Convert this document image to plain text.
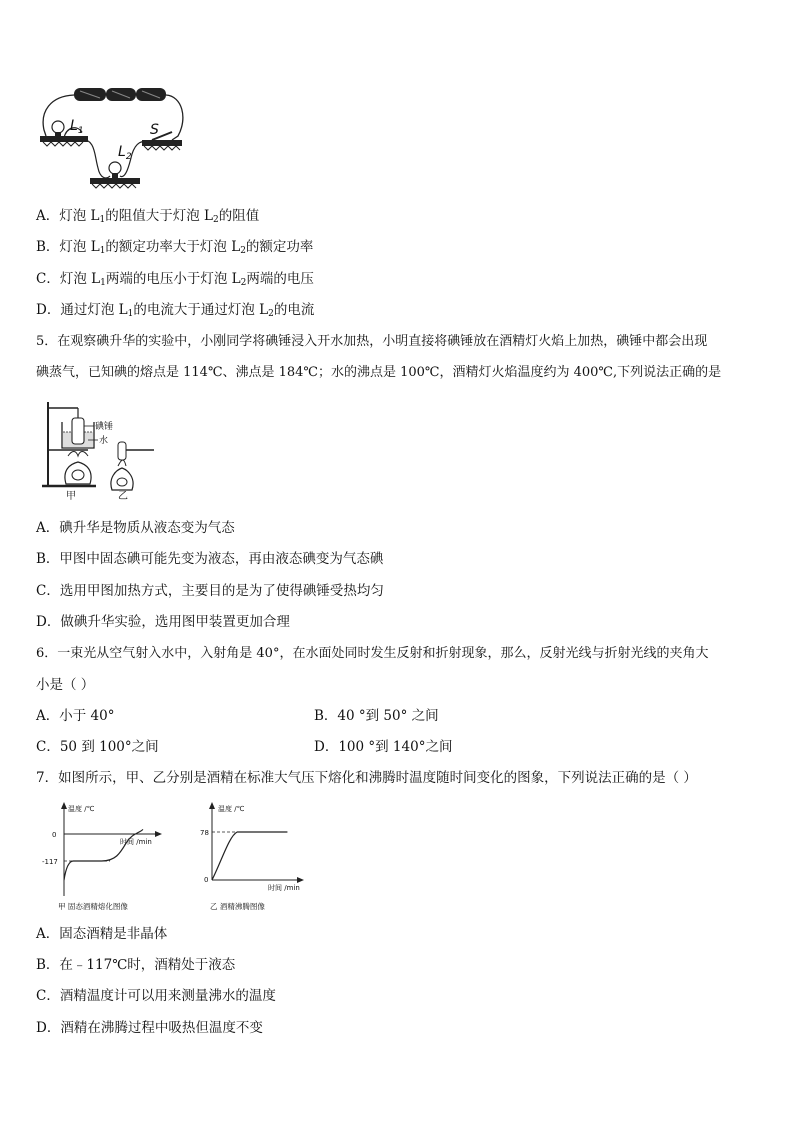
$L_1$
$L_2$
S
A．灯泡 $L_1$的阻值大于灯泡 $L_2$的阻值
B．灯泡 $L_1$的额定功率大于灯泡 $L_2$的额定功率
C．灯泡 $L_1$两端的电压小于灯泡 $L_2$两端的电压
D．通过灯泡 $L_1$的电流大于通过灯泡 $L_2$的电流
5．在观察碘升华的实验中，小刚同学将碘锤浸入开水加热，小明直接将碘锤放在酒精灯火焰上加热，碘锤中都会出现
碘蒸气，已知碘的熔点是 114℃、沸点是 184℃；水的沸点是 100℃，酒精灯火焰温度约为 400℃,下列说法正确的是
碘锤
水
甲	乙
A．碘升华是物质从液态变为气态
B．甲图中固态碘可能先变为液态，再由液态碘变为气态碘
C．选用甲图加热方式，主要目的是为了使得碘锤受热均匀
D．做碘升华实验，选用图甲装置更加合理
6．一束光从空气射入水中，入射角是 40°，在水面处同时发生反射和折射现象，那么，反射光线与折射光线的夹角大
小是（ ）
A．小于 40°	B．40 °到 50° 之间
C．50 到 100°之间	D．100 °到 140°之间
7．如图所示，甲、乙分别是酒精在标准大气压下熔化和沸腾时温度随时间变化的图象，下列说法正确的是（ ）
温度 /℃
时间 /min
0
-117
甲 固态酒精熔化图像
温度 /℃
时间 /min
78
0
乙 酒精沸腾图像
A．固态酒精是非晶体
B．在﹣117℃时，酒精处于液态
C．酒精温度计可以用来测量沸水的温度
D．酒精在沸腾过程中吸热但温度不变
